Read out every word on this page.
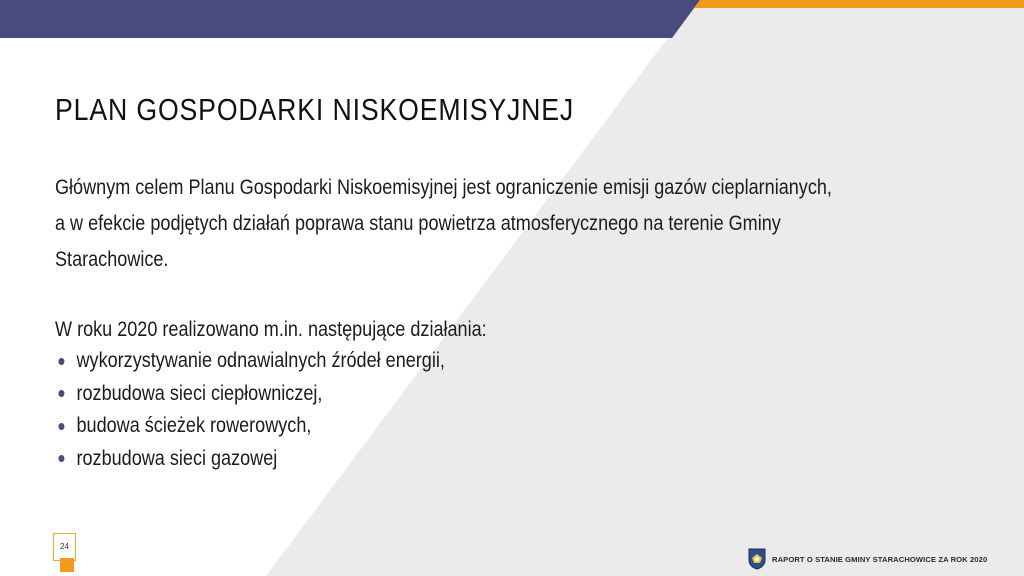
PLAN GOSPODARKI NISKOEMISYJNEJ
Głównym celem Planu Gospodarki Niskoemisyjnej jest ograniczenie emisji gazów cieplarnianych,
a w efekcie podjętych działań poprawa stanu powietrza atmosferycznego na terenie Gminy
Starachowice.
W roku 2020 realizowano m.in. następujące działania:
wykorzystywanie odnawialnych źródeł energii,
rozbudowa sieci ciepłowniczej,
budowa ścieżek rowerowych,
rozbudowa sieci gazowej
24
RAPORT O STANIE GMINY STARACHOWICE ZA ROK 2020
